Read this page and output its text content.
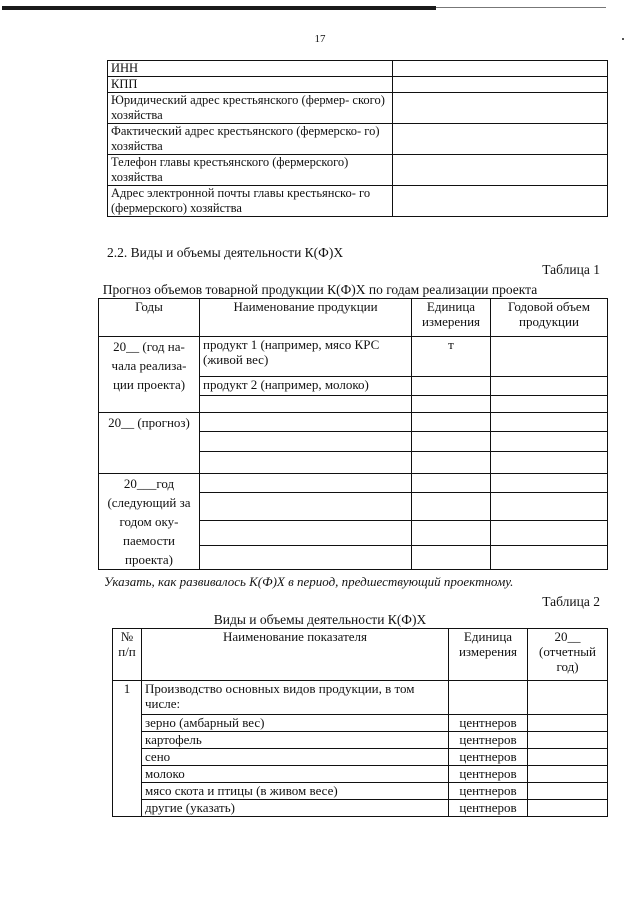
17
ИНН	
КПП	
Юридический адрес крестьянского (фермер- ского) хозяйства	
Фактический адрес крестьянского (фермерско- го) хозяйства	
Телефон главы крестьянского (фермерского) хозяйства	
Адрес электронной почты главы крестьянско- го (фермерского) хозяйства	
2.2. Виды и объемы деятельности К(Ф)Х
Таблица 1
Прогноз объемов товарной продукции К(Ф)Х по годам реализации проекта
Годы	Наименование продукции	Единица измерения	Годовой объем продукции
20__ (год на- чала реализа- ции проекта)	продукт 1 (например, мясо КРС (живой вес)	т	
	продукт 2 (например, молоко)		

20__ (прогноз)			

20___год (следующий за годом оку- паемости проекта)			

Указать, как развивалось К(Ф)Х в период, предшествующий проектному.
Таблица 2
Виды и объемы деятельности К(Ф)Х
№ п/п	Наименование показателя	Единица измерения	20__ (отчетный год)
1	Производство основных видов продукции, в том числе:		
	зерно (амбарный вес)	центнеров	
	картофель	центнеров	
	сено	центнеров	
	молоко	центнеров	
	мясо скота и птицы (в живом весе)	центнеров	
	другие (указать)	центнеров	
